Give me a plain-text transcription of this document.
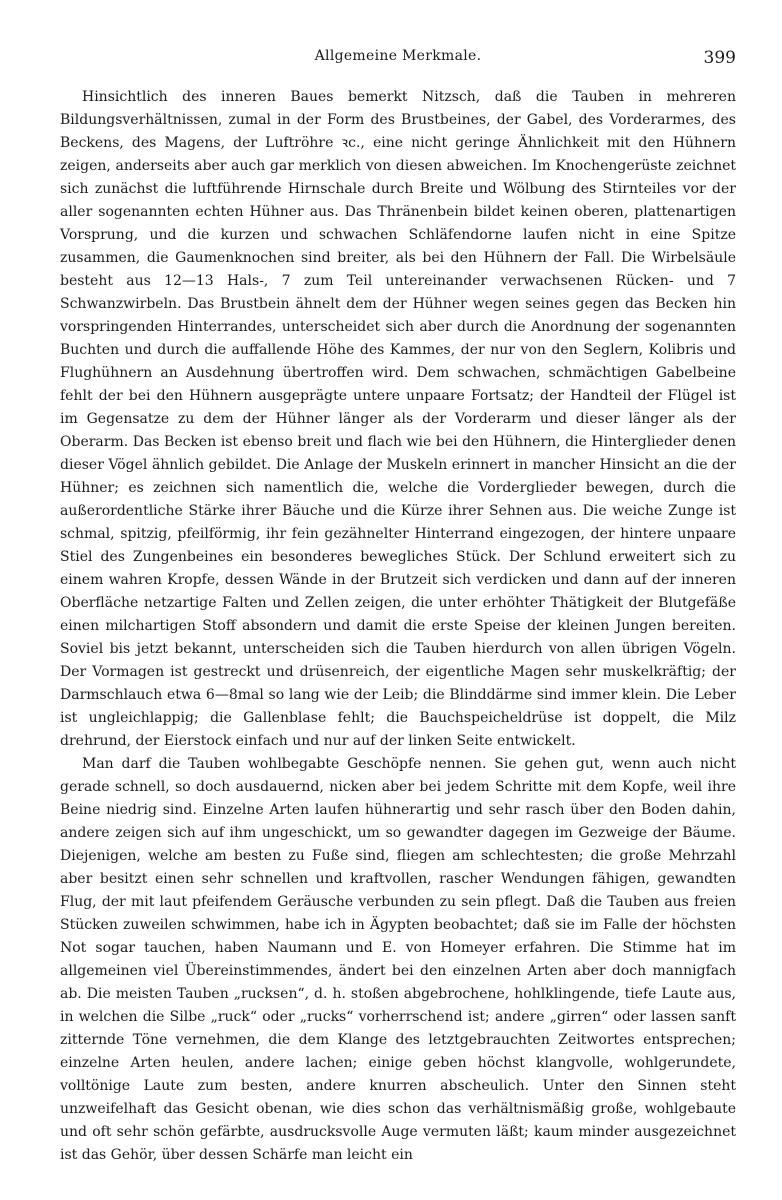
Allgemeine Merkmale.	399

Hinsichtlich des inneren Baues bemerkt Nitzsch, daß die Tauben in mehreren Bildungsverhältnissen, zumal in der Form des Brustbeines, der Gabel, des Vorderarmes, des Beckens, des Magens, der Luftröhre ꝛc., eine nicht geringe Ähnlichkeit mit den Hühnern zeigen, anderseits aber auch gar merklich von diesen abweichen. Im Knochengerüste zeichnet sich zunächst die luftführende Hirnschale durch Breite und Wölbung des Stirnteiles vor der aller sogenannten echten Hühner aus. Das Thränenbein bildet keinen oberen, plattenartigen Vorsprung, und die kurzen und schwachen Schläfendorne laufen nicht in eine Spitze zusammen, die Gaumenknochen sind breiter, als bei den Hühnern der Fall. Die Wirbelsäule besteht aus 12—13 Hals-, 7 zum Teil untereinander verwachsenen Rücken- und 7 Schwanzwirbeln. Das Brustbein ähnelt dem der Hühner wegen seines gegen das Becken hin vorspringenden Hinterrandes, unterscheidet sich aber durch die Anordnung der sogenannten Buchten und durch die auffallende Höhe des Kammes, der nur von den Seglern, Kolibris und Flughühnern an Ausdehnung übertroffen wird. Dem schwachen, schmächtigen Gabelbeine fehlt der bei den Hühnern ausgeprägte untere unpaare Fortsatz; der Handteil der Flügel ist im Gegensatze zu dem der Hühner länger als der Vorderarm und dieser länger als der Oberarm. Das Becken ist ebenso breit und flach wie bei den Hühnern, die Hinterglieder denen dieser Vögel ähnlich gebildet. Die Anlage der Muskeln erinnert in mancher Hinsicht an die der Hühner; es zeichnen sich namentlich die, welche die Vorderglieder bewegen, durch die außerordentliche Stärke ihrer Bäuche und die Kürze ihrer Sehnen aus. Die weiche Zunge ist schmal, spitzig, pfeilförmig, ihr fein gezähnelter Hinterrand eingezogen, der hintere unpaare Stiel des Zungenbeines ein besonderes bewegliches Stück. Der Schlund erweitert sich zu einem wahren Kropfe, dessen Wände in der Brutzeit sich verdicken und dann auf der inneren Oberfläche netzartige Falten und Zellen zeigen, die unter erhöhter Thätigkeit der Blutgefäße einen milchartigen Stoff absondern und damit die erste Speise der kleinen Jungen bereiten. Soviel bis jetzt bekannt, unterscheiden sich die Tauben hierdurch von allen übrigen Vögeln. Der Vormagen ist gestreckt und drüsenreich, der eigentliche Magen sehr muskelkräftig; der Darmschlauch etwa 6—8mal so lang wie der Leib; die Blinddärme sind immer klein. Die Leber ist ungleichlappig; die Gallenblase fehlt; die Bauchspeicheldrüse ist doppelt, die Milz drehrund, der Eierstock einfach und nur auf der linken Seite entwickelt.

Man darf die Tauben wohlbegabte Geschöpfe nennen. Sie gehen gut, wenn auch nicht gerade schnell, so doch ausdauernd, nicken aber bei jedem Schritte mit dem Kopfe, weil ihre Beine niedrig sind. Einzelne Arten laufen hühnerartig und sehr rasch über den Boden dahin, andere zeigen sich auf ihm ungeschickt, um so gewandter dagegen im Gezweige der Bäume. Diejenigen, welche am besten zu Fuße sind, fliegen am schlechtesten; die große Mehrzahl aber besitzt einen sehr schnellen und kraftvollen, rascher Wendungen fähigen, gewandten Flug, der mit laut pfeifendem Geräusche verbunden zu sein pflegt. Daß die Tauben aus freien Stücken zuweilen schwimmen, habe ich in Ägypten beobachtet; daß sie im Falle der höchsten Not sogar tauchen, haben Naumann und E. von Homeyer erfahren. Die Stimme hat im allgemeinen viel Übereinstimmendes, ändert bei den einzelnen Arten aber doch mannigfach ab. Die meisten Tauben „rucksen“, d. h. stoßen abgebrochene, hohlklingende, tiefe Laute aus, in welchen die Silbe „ruck“ oder „rucks“ vorherrschend ist; andere „girren“ oder lassen sanft zitternde Töne vernehmen, die dem Klange des letztgebrauchten Zeitwortes entsprechen; einzelne Arten heulen, andere lachen; einige geben höchst klangvolle, wohlgerundete, volltönige Laute zum besten, andere knurren abscheulich. Unter den Sinnen steht unzweifelhaft das Gesicht obenan, wie dies schon das verhältnismäßig große, wohlgebaute und oft sehr schön gefärbte, ausdrucksvolle Auge vermuten läßt; kaum minder ausgezeichnet ist das Gehör, über dessen Schärfe man leicht ein
